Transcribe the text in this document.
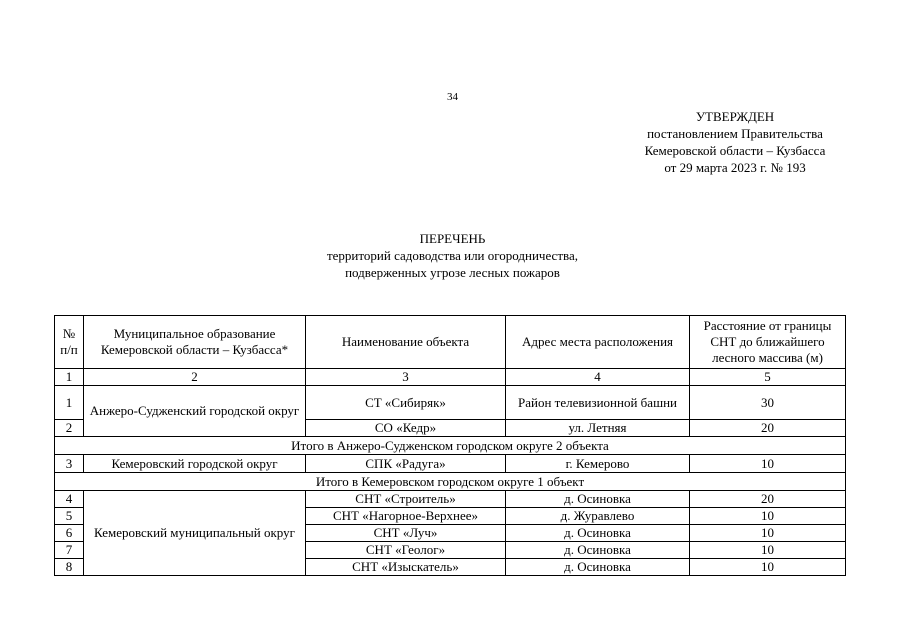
34
УТВЕРЖДЕН
постановлением Правительства
Кемеровской области – Кузбасса
от 29 марта 2023 г. № 193
ПЕРЕЧЕНЬ
территорий садоводства или огородничества,
подверженных угрозе лесных пожаров
№ п/п	Муниципальное образование Кемеровской области – Кузбасса*	Наименование объекта	Адрес места расположения	Расстояние от границы СНТ до ближайшего лесного массива (м)
1	2	3	4	5
1	Анжеро-Судженский городской округ	СТ «Сибиряк»	Район телевизионной башни	30
2		СО «Кедр»	ул. Летняя	20
Итого в Анжеро-Судженском городском округе 2 объекта				
3	Кемеровский городской округ	СПК «Радуга»	г. Кемерово	10
Итого в Кемеровском городском округе 1 объект				
4	Кемеровский муниципальный округ	СНТ «Строитель»	д. Осиновка	20
5		СНТ «Нагорное-Верхнее»	д. Журавлево	10
6		СНТ «Луч»	д. Осиновка	10
7		СНТ «Геолог»	д. Осиновка	10
8		СНТ «Изыскатель»	д. Осиновка	10
